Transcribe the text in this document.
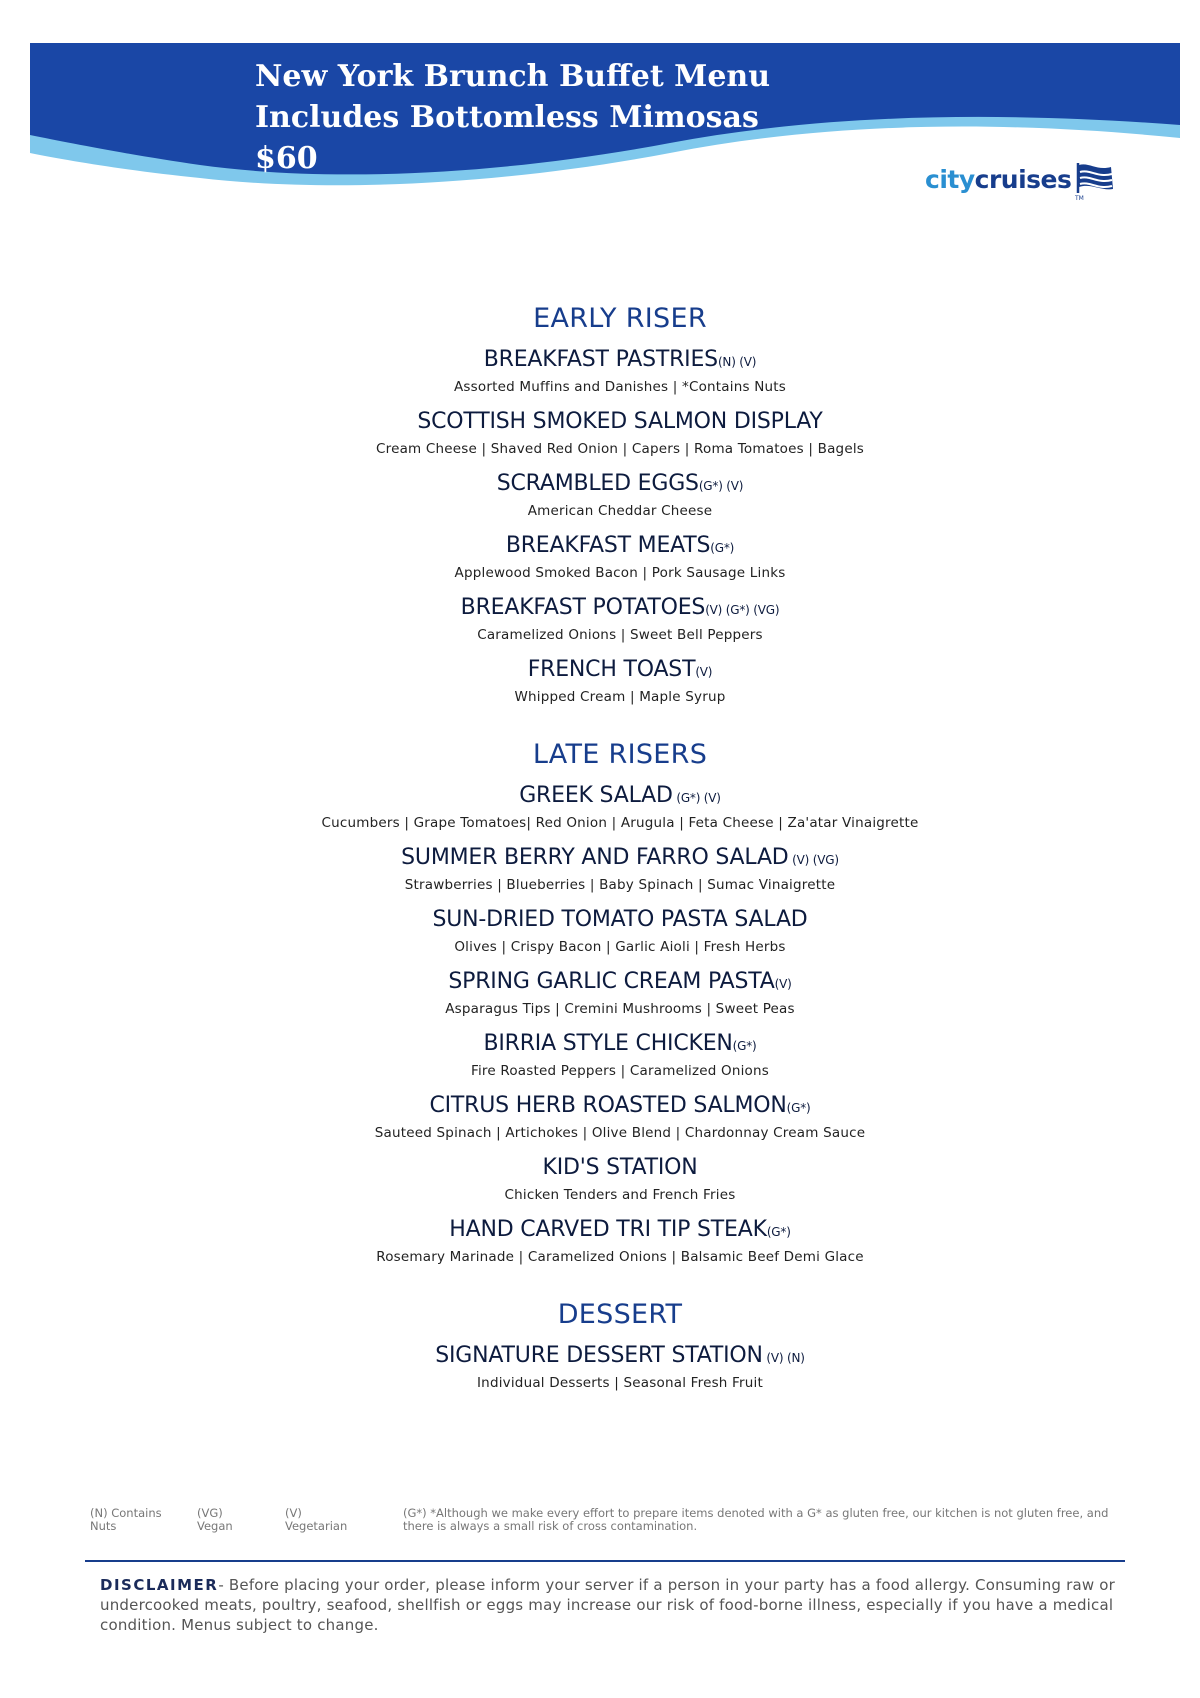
New York Brunch Buffet Menu
Includes Bottomless Mimosas
$60
citycruises
TM
EARLY RISER
BREAKFAST PASTRIES(N) (V)
Assorted Muffins and Danishes | *Contains Nuts
SCOTTISH SMOKED SALMON DISPLAY
Cream Cheese | Shaved Red Onion | Capers | Roma Tomatoes | Bagels
SCRAMBLED EGGS(G*) (V)
American Cheddar Cheese
BREAKFAST MEATS(G*)
Applewood Smoked Bacon | Pork Sausage Links
BREAKFAST POTATOES(V) (G*) (VG)
Caramelized Onions | Sweet Bell Peppers
FRENCH TOAST(V)
Whipped Cream | Maple Syrup
LATE RISERS
GREEK SALAD (G*) (V)
Cucumbers | Grape Tomatoes| Red Onion | Arugula | Feta Cheese | Za'atar Vinaigrette
SUMMER BERRY AND FARRO SALAD (V) (VG)
Strawberries | Blueberries | Baby Spinach | Sumac Vinaigrette
SUN-DRIED TOMATO PASTA SALAD
Olives | Crispy Bacon | Garlic Aioli | Fresh Herbs
SPRING GARLIC CREAM PASTA(V)
Asparagus Tips | Cremini Mushrooms | Sweet Peas
BIRRIA STYLE CHICKEN(G*)
Fire Roasted Peppers | Caramelized Onions
CITRUS HERB ROASTED SALMON(G*)
Sauteed Spinach | Artichokes | Olive Blend | Chardonnay Cream Sauce
KID'S STATION
Chicken Tenders and French Fries
HAND CARVED TRI TIP STEAK(G*)
Rosemary Marinade | Caramelized Onions | Balsamic Beef Demi Glace
DESSERT
SIGNATURE DESSERT STATION (V) (N)
Individual Desserts | Seasonal Fresh Fruit
(N) Contains Nuts
(VG) Vegan
(V) Vegetarian
(G*) *Although we make every effort to prepare items denoted with a G* as gluten free, our kitchen is not gluten free, and there is always a small risk of cross contamination.
DISCLAIMER- Before placing your order, please inform your server if a person in your party has a food allergy. Consuming raw or undercooked meats, poultry, seafood, shellfish or eggs may increase our risk of food-borne illness, especially if you have a medical condition. Menus subject to change.
